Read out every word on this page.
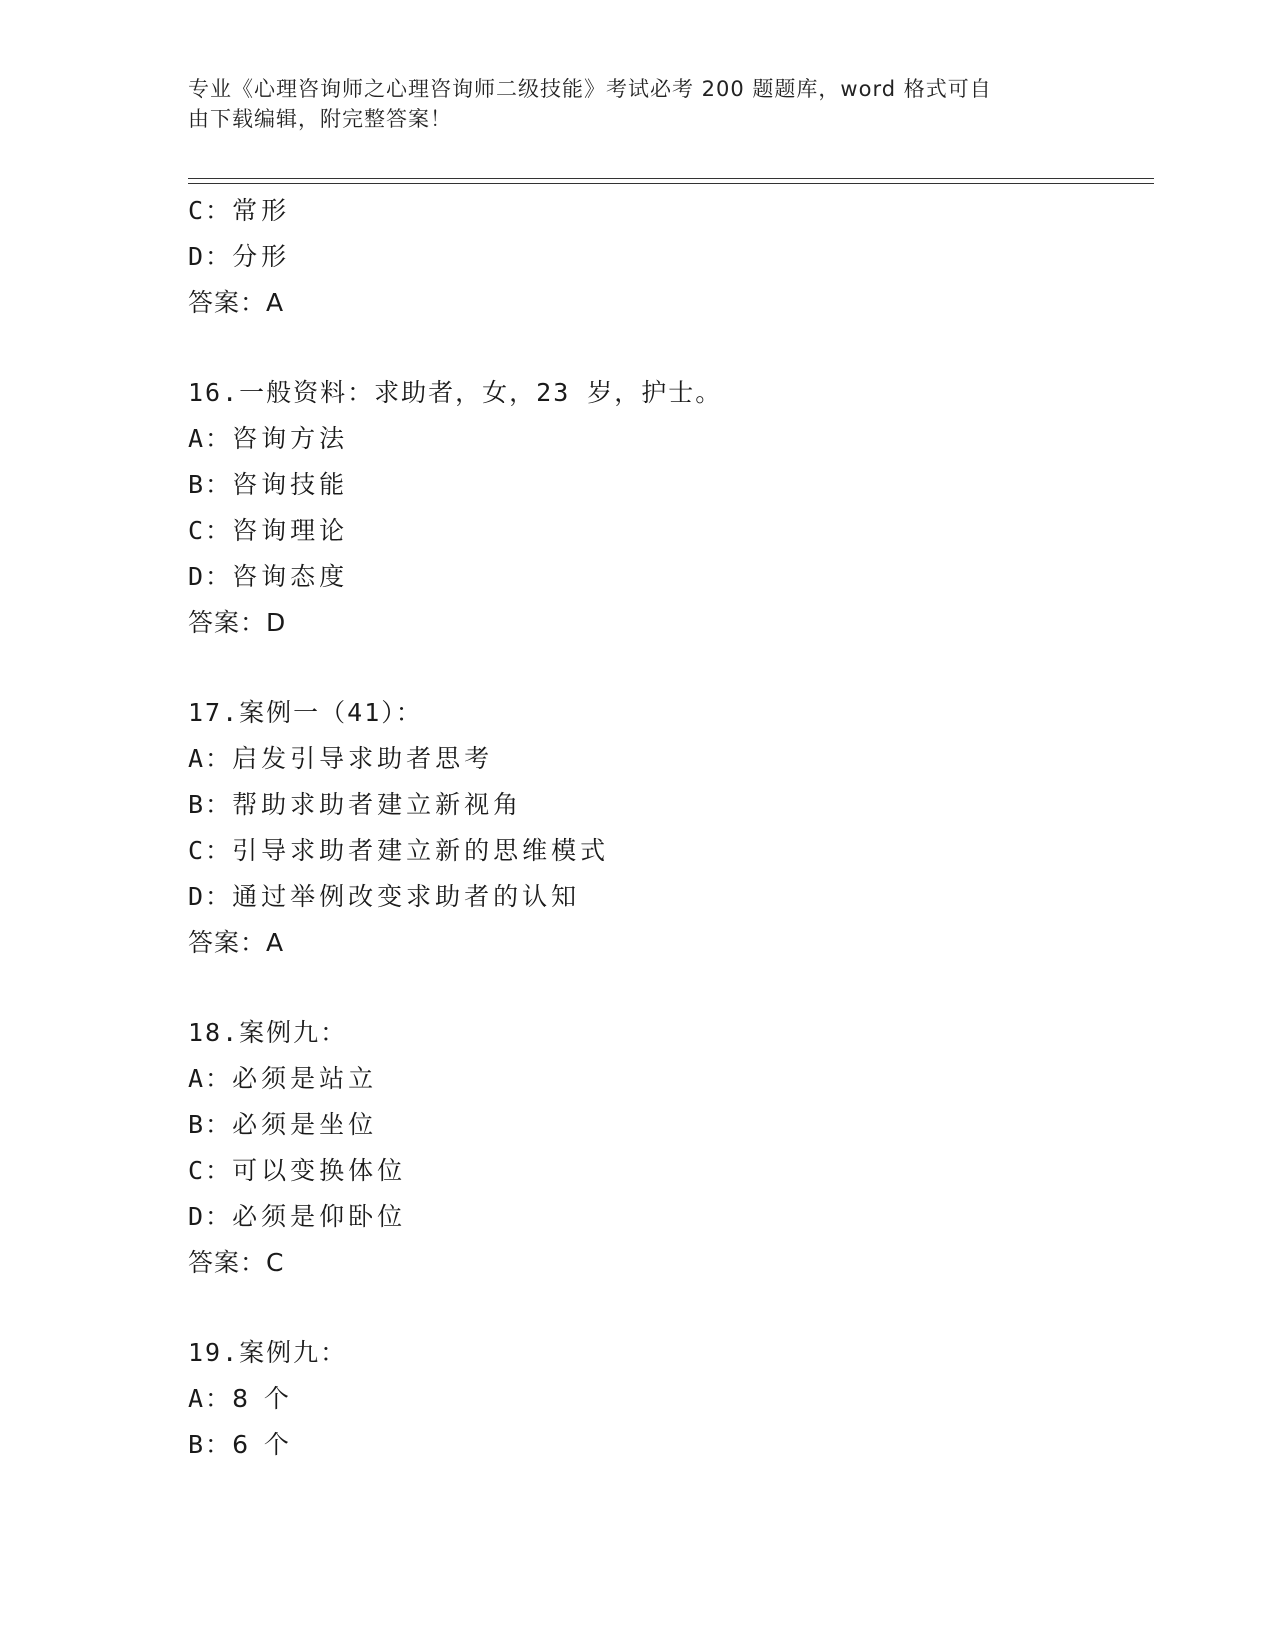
专业《心理咨询师之心理咨询师二级技能》考试必考 200 题题库，word 格式可自
由下载编辑，附完整答案！
C：常形
D：分形
答案：A
16.一般资料：求助者，女，23 岁，护士。
A：咨询方法
B：咨询技能
C：咨询理论
D：咨询态度
答案：D
17.案例一（41）：
A：启发引导求助者思考
B：帮助求助者建立新视角
C：引导求助者建立新的思维模式
D：通过举例改变求助者的认知
答案：A
18.案例九：
A：必须是站立
B：必须是坐位
C：可以变换体位
D：必须是仰卧位
答案：C
19.案例九：
A：8 个
B：6 个
